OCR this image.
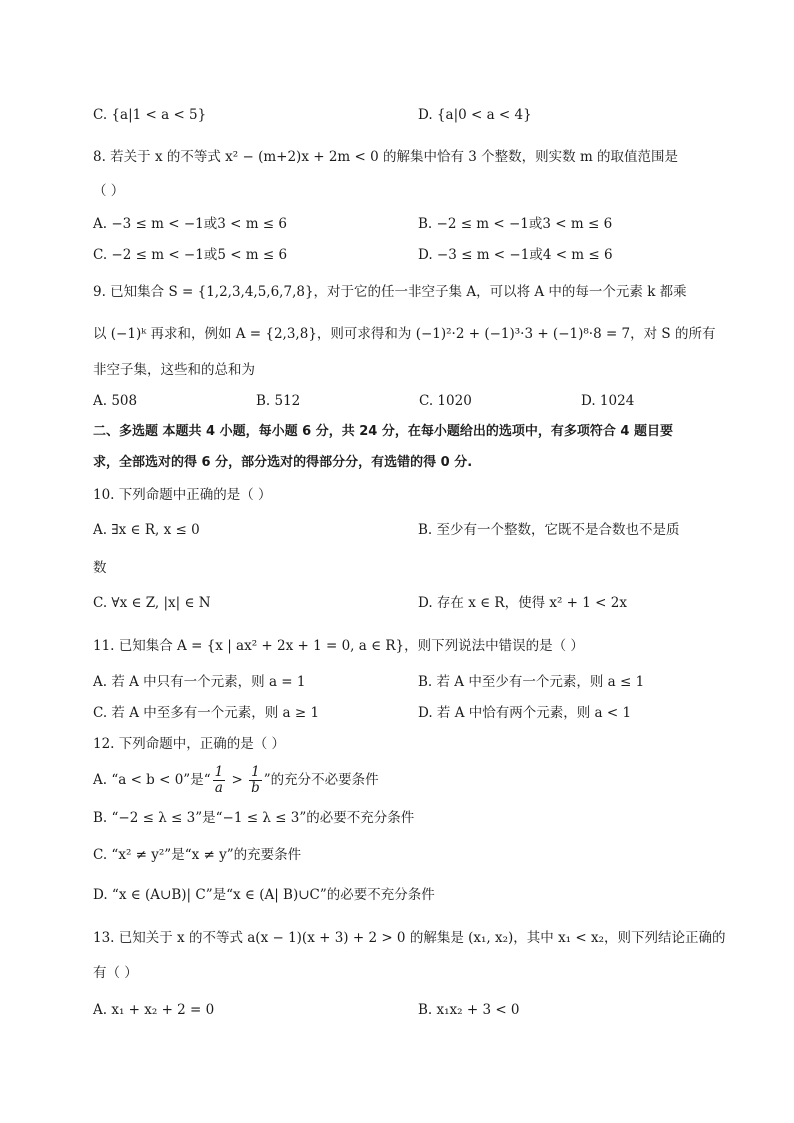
C. {a|1 < a < 5}	D. {a|0 < a < 4}
8. 若关于 x 的不等式 x² − (m+2)x + 2m < 0 的解集中恰有 3 个整数，则实数 m 的取值范围是
（ ）
A. −3 ≤ m < −1或3 < m ≤ 6	B. −2 ≤ m < −1或3 < m ≤ 6
C. −2 ≤ m < −1或5 < m ≤ 6	D. −3 ≤ m < −1或4 < m ≤ 6
9. 已知集合 S = {1,2,3,4,5,6,7,8}，对于它的任一非空子集 A，可以将 A 中的每一个元素 k 都乘
以 (−1)ᵏ 再求和，例如 A = {2,3,8}，则可求得和为 (−1)²·2 + (−1)³·3 + (−1)⁸·8 = 7，对 S 的所有
非空子集，这些和的总和为
A. 508	B. 512	C. 1020	D. 1024
二、多选题 本题共 4 小题，每小题 6 分，共 24 分，在每小题给出的选项中，有多项符合 4 题目要
求，全部选对的得 6 分，部分选对的得部分分，有选错的得 0 分.
10. 下列命题中正确的是（ ）
A. ∃x ∈ R, x ≤ 0	B. 至少有一个整数，它既不是合数也不是质
数
C. ∀x ∈ Z, |x| ∈ N	D. 存在 x ∈ R，使得 x² + 1 < 2x
11. 已知集合 A = {x | ax² + 2x + 1 = 0, a ∈ R}，则下列说法中错误的是（ ）
A. 若 A 中只有一个元素，则 a = 1	B. 若 A 中至少有一个元素，则 a ≤ 1
C. 若 A 中至多有一个元素，则 a ≥ 1	D. 若 A 中恰有两个元素，则 a < 1
12. 下列命题中，正确的是（ ）
A. “a < b < 0”是“ $\frac{1}{a} > \frac{1}{b}$ ”的充分不必要条件
B. “−2 ≤ λ ≤ 3”是“−1 ≤ λ ≤ 3”的必要不充分条件
C. “x² ≠ y²”是“x ≠ y”的充要条件
D. “x ∈ (A∪B)| C”是“x ∈ (A| B)∪C”的必要不充分条件
13. 已知关于 x 的不等式 a(x − 1)(x + 3) + 2 > 0 的解集是 (x₁, x₂)，其中 x₁ < x₂，则下列结论正确的
有（ ）
A. x₁ + x₂ + 2 = 0	B. x₁x₂ + 3 < 0
